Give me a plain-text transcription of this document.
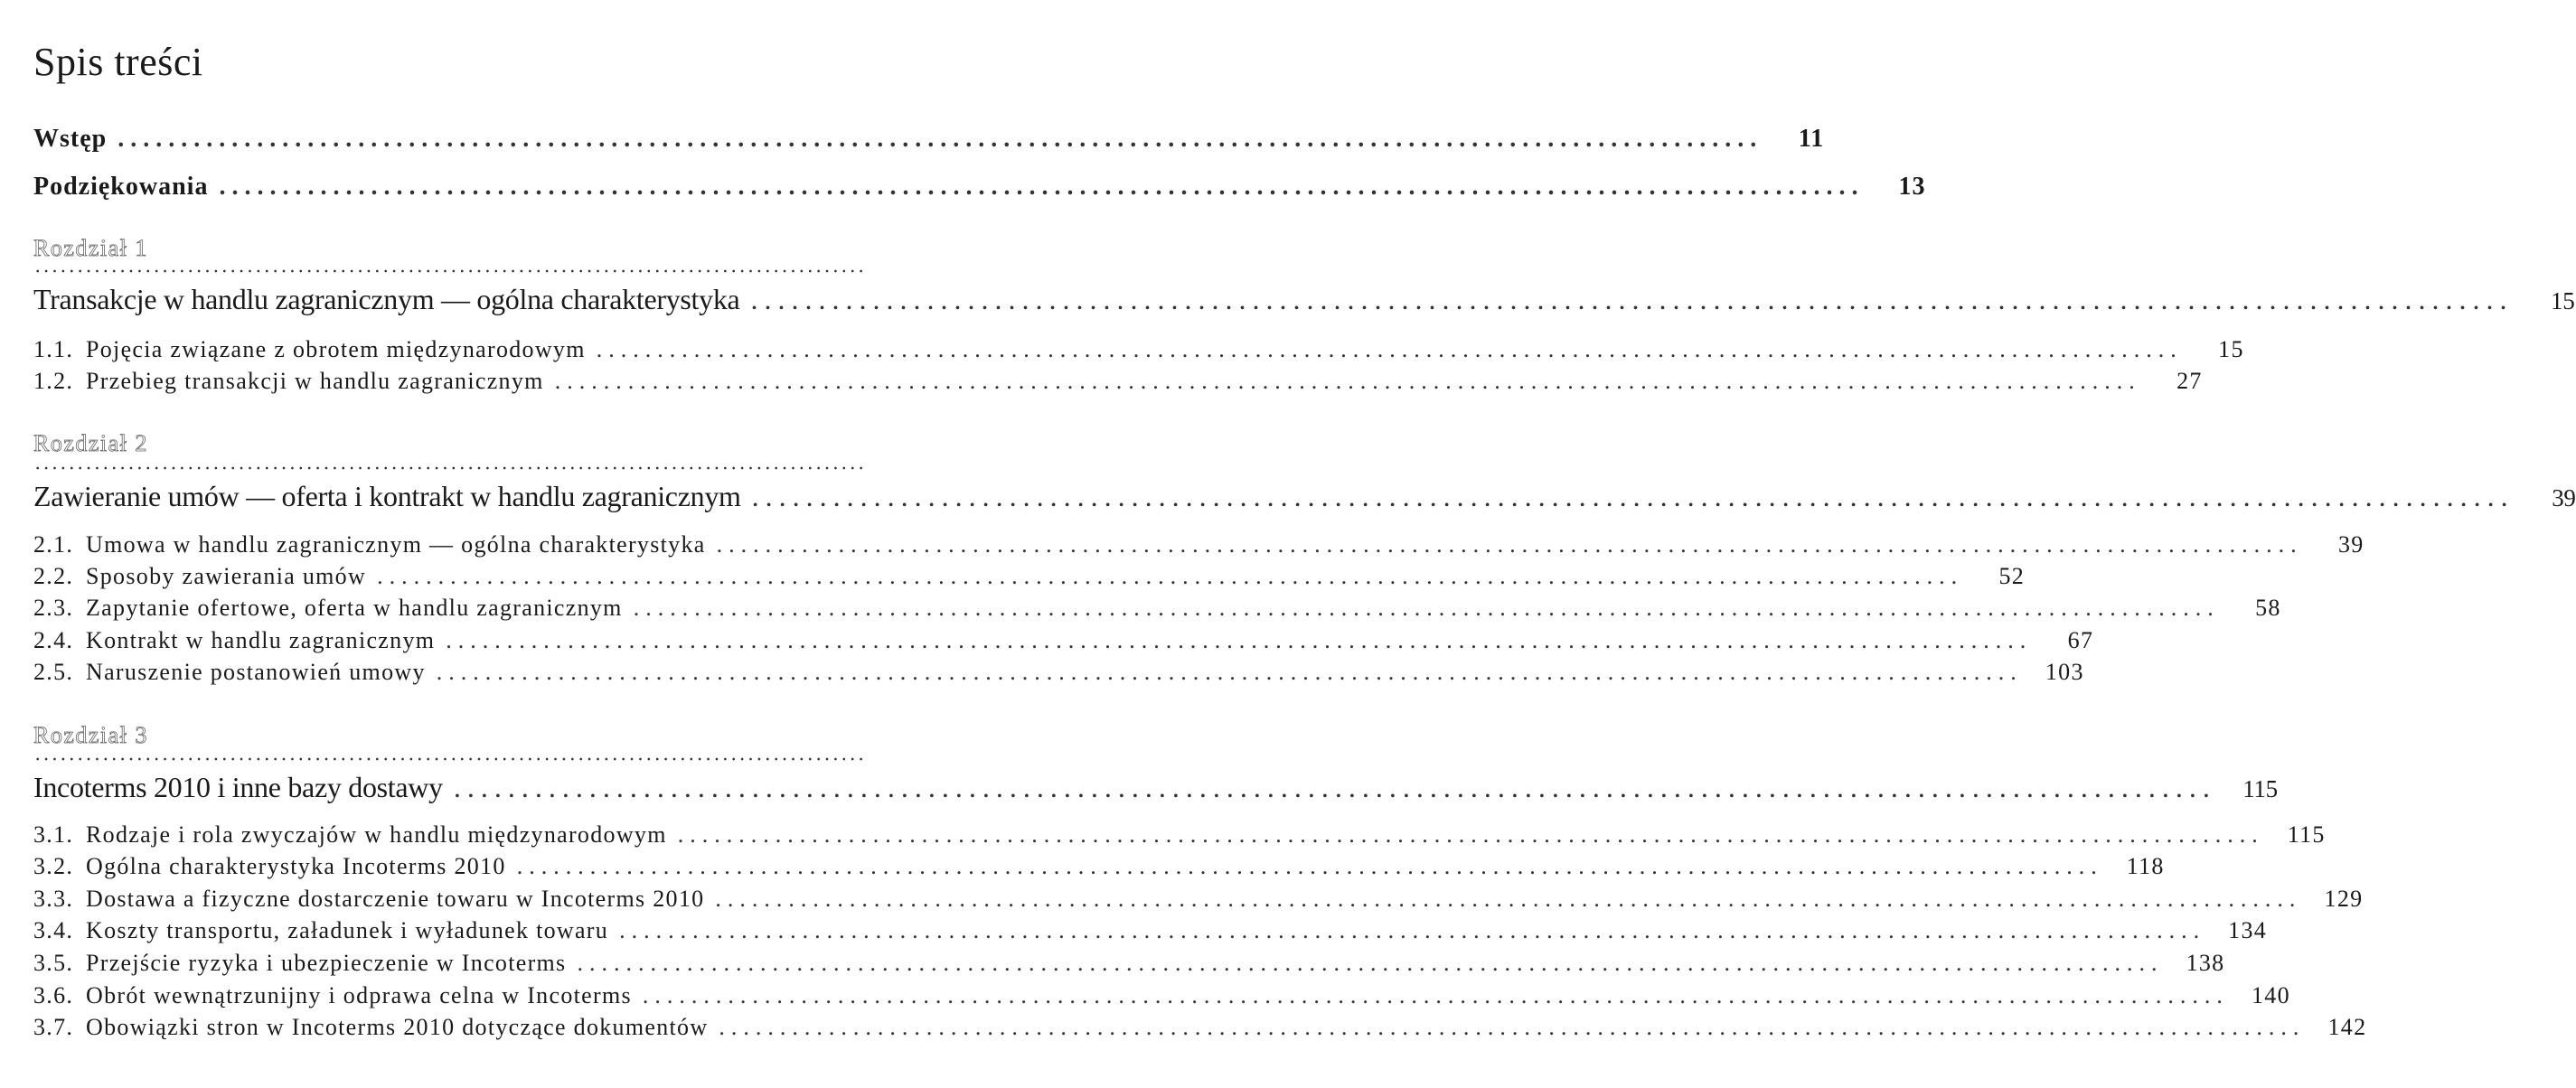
Spis treści
Wstęp ..................................................................................................................................	11
Podziękowania ..................................................................................................................................	13
Rozdział 1
Transakcje w handlu zagranicznym — ogólna charakterystyka ..................................................................................................................................	15
1.1. Pojęcia związane z obrotem międzynarodowym ..................................................................................................................................	15
1.2. Przebieg transakcji w handlu zagranicznym ..................................................................................................................................	27
Rozdział 2
Zawieranie umów — oferta i kontrakt w handlu zagranicznym ..................................................................................................................................	39
2.1. Umowa w handlu zagranicznym — ogólna charakterystyka ..................................................................................................................................	39
2.2. Sposoby zawierania umów ..................................................................................................................................	52
2.3. Zapytanie ofertowe, oferta w handlu zagranicznym ..................................................................................................................................	58
2.4. Kontrakt w handlu zagranicznym ..................................................................................................................................	67
2.5. Naruszenie postanowień umowy .................................................................................................................................. 103
Rozdział 3
Incoterms 2010 i inne bazy dostawy ..................................................................................................................................	115
3.1. Rodzaje i rola zwyczajów w handlu międzynarodowym ..................................................................................................................................	115
3.2. Ogólna charakterystyka Incoterms 2010 ..................................................................................................................................	118
3.3. Dostawa a fizyczne dostarczenie towaru w Incoterms 2010 .................................................................................................................................. 129
3.4. Koszty transportu, załadunek i wyładunek towaru .................................................................................................................................. 134
3.5. Przejście ryzyka i ubezpieczenie w Incoterms .................................................................................................................................. 138
3.6. Obrót wewnątrzunijny i odprawa celna w Incoterms .................................................................................................................................. 140
3.7. Obowiązki stron w Incoterms 2010 dotyczące dokumentów .................................................................................................................................. 142
